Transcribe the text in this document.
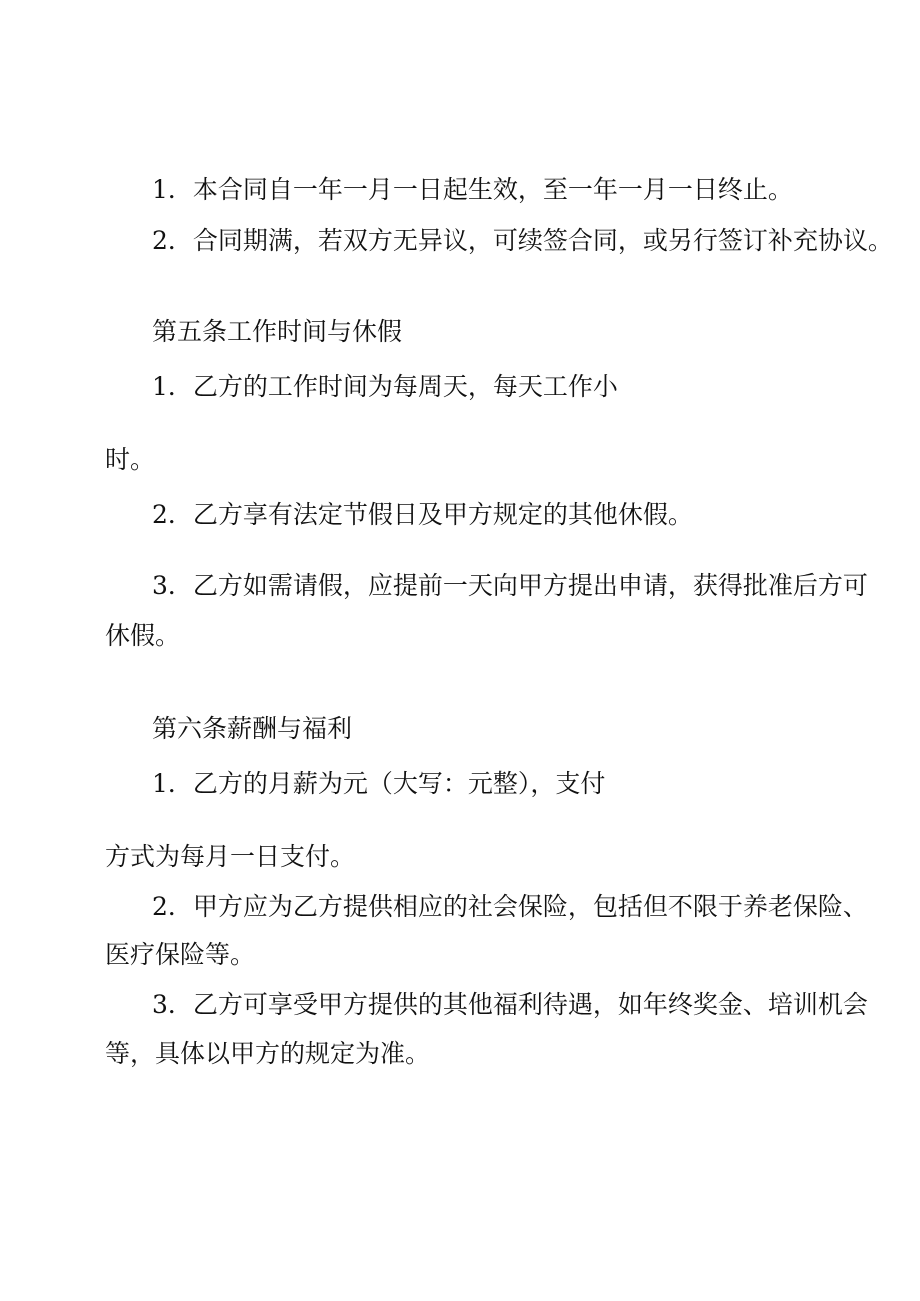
1．本合同自一年一月一日起生效，至一年一月一日终止。

2．合同期满，若双方无异议，可续签合同，或另行签订补充协议。

第五条工作时间与休假

1．乙方的工作时间为每周天，每天工作小

时。

2．乙方享有法定节假日及甲方规定的其他休假。

3．乙方如需请假，应提前一天向甲方提出申请，获得批准后方可

休假。

第六条薪酬与福利

1．乙方的月薪为元（大写：元整），支付

方式为每月一日支付。

2．甲方应为乙方提供相应的社会保险，包括但不限于养老保险、

医疗保险等。

3．乙方可享受甲方提供的其他福利待遇，如年终奖金、培训机会

等，具体以甲方的规定为准。
